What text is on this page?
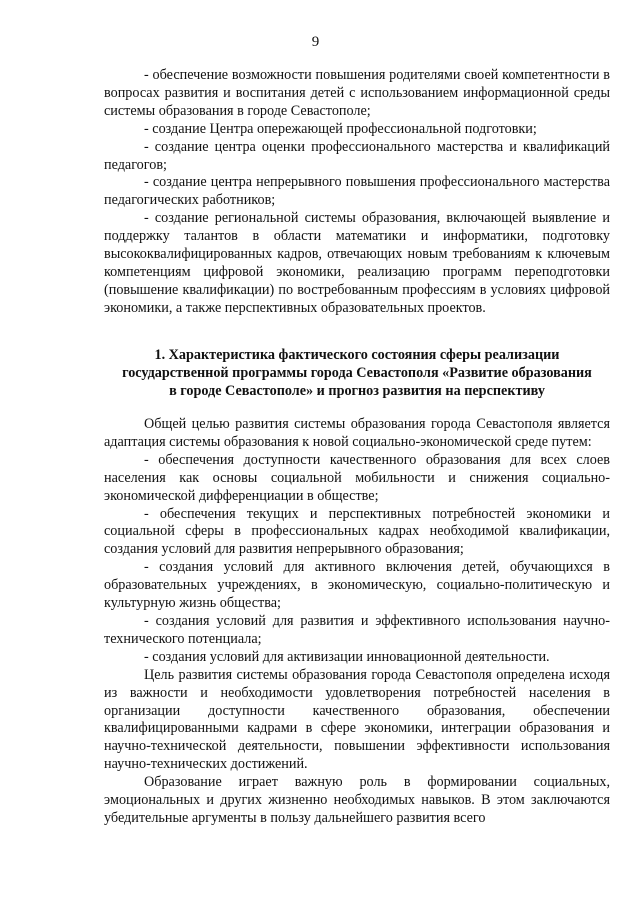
9

- обеспечение возможности повышения родителями своей компетентности в вопросах развития и воспитания детей с использованием информационной среды системы образования в городе Севастополе;

- создание Центра опережающей профессиональной подготовки;

- создание центра оценки профессионального мастерства и квалификаций педагогов;

- создание центра непрерывного повышения профессионального мастерства педагогических работников;

- создание региональной системы образования, включающей выявление и поддержку талантов в области математики и информатики, подготовку высококвалифицированных кадров, отвечающих новым требованиям к ключевым компетенциям цифровой экономики, реализацию программ переподготовки (повышение квалификации) по востребованным профессиям в условиях цифровой экономики, а также перспективных образовательных проектов.

1. Характеристика фактического состояния сферы реализации
государственной программы города Севастополя «Развитие образования
в городе Севастополе» и прогноз развития на перспективу

Общей целью развития системы образования города Севастополя является адаптация системы образования к новой социально-экономической среде путем:

- обеспечения доступности качественного образования для всех слоев населения как основы социальной мобильности и снижения социально-экономической дифференциации в обществе;

- обеспечения текущих и перспективных потребностей экономики и социальной сферы в профессиональных кадрах необходимой квалификации, создания условий для развития непрерывного образования;

- создания условий для активного включения детей, обучающихся в образовательных учреждениях, в экономическую, социально-политическую и культурную жизнь общества;

- создания условий для развития и эффективного использования научно-технического потенциала;

- создания условий для активизации инновационной деятельности.

Цель развития системы образования города Севастополя определена исходя из важности и необходимости удовлетворения потребностей населения в организации доступности качественного образования, обеспечении квалифицированными кадрами в сфере экономики, интеграции образования и научно-технической деятельности, повышении эффективности использования научно-технических достижений.

Образование играет важную роль в формировании социальных, эмоциональных и других жизненно необходимых навыков. В этом заключаются убедительные аргументы в пользу дальнейшего развития всего
